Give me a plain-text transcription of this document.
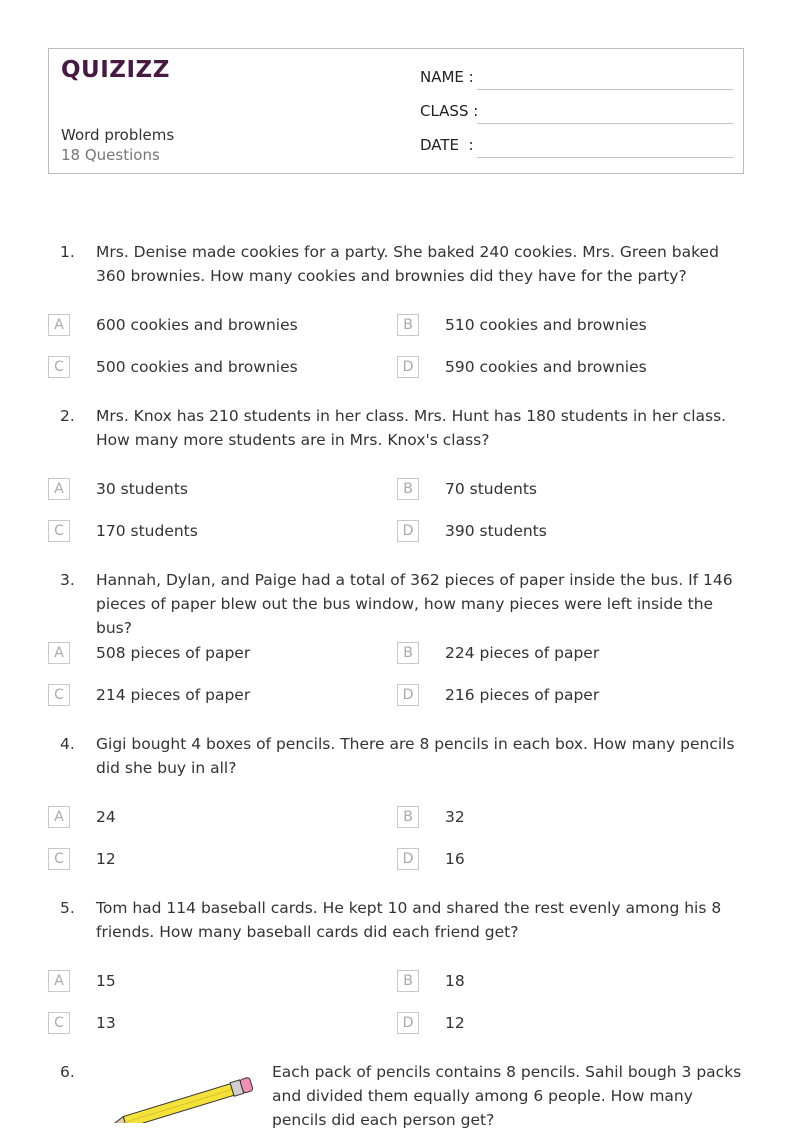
QUIZIZZ
Word problems
18 Questions
NAME :
CLASS :
DATE  :
1.	Mrs. Denise made cookies for a party. She baked 240 cookies. Mrs. Green baked 360 brownies. How many cookies and brownies did they have for the party?
A	600 cookies and brownies	B	510 cookies and brownies
C	500 cookies and brownies	D	590 cookies and brownies
2.	Mrs. Knox has 210 students in her class. Mrs. Hunt has 180 students in her class. How many more students are in Mrs. Knox's class?
A	30 students	B	70 students
C	170 students	D	390 students
3.	Hannah, Dylan, and Paige had a total of 362 pieces of paper inside the bus. If 146 pieces of paper blew out the bus window, how many pieces were left inside the bus?
A	508 pieces of paper	B	224 pieces of paper
C	214 pieces of paper	D	216 pieces of paper
4.	Gigi bought 4 boxes of pencils. There are 8 pencils in each box. How many pencils did she buy in all?
A	24	B	32
C	12	D	16
5.	Tom had 114 baseball cards. He kept 10 and shared the rest evenly among his 8 friends. How many baseball cards did each friend get?
A	15	B	18
C	13	D	12
6.	Each pack of pencils contains 8 pencils. Sahil bough 3 packs and divided them equally among 6 people. How many pencils did each person get?
